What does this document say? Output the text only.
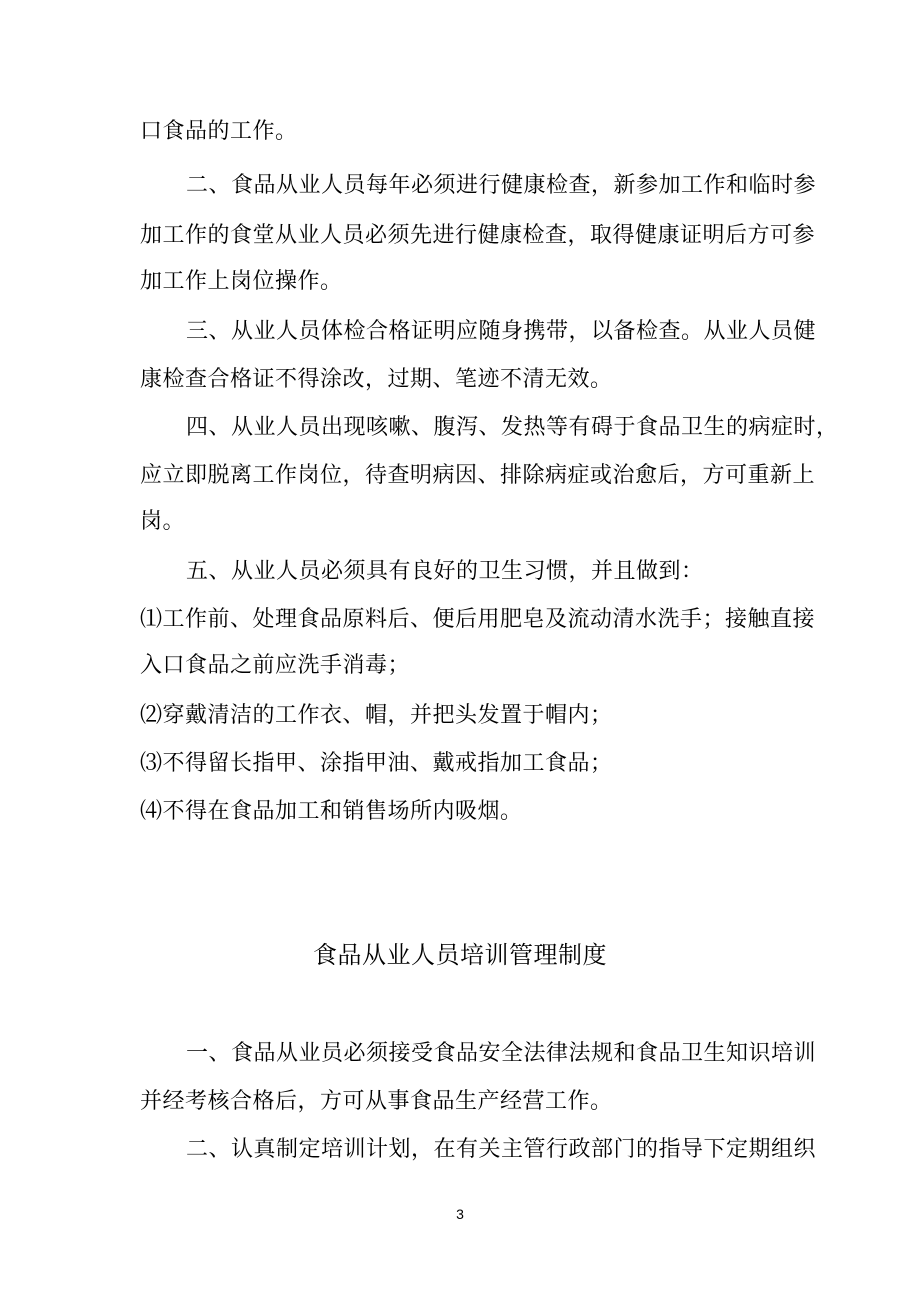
口食品的工作。
二、食品从业人员每年必须进行健康检查，新参加工作和临时参
加工作的食堂从业人员必须先进行健康检查，取得健康证明后方可参
加工作上岗位操作。
三、从业人员体检合格证明应随身携带，以备检查。从业人员健
康检查合格证不得涂改，过期、笔迹不清无效。
四、从业人员出现咳嗽、腹泻、发热等有碍于食品卫生的病症时，
应立即脱离工作岗位，待查明病因、排除病症或治愈后，方可重新上
岗。
五、从业人员必须具有良好的卫生习惯，并且做到：
⑴工作前、处理食品原料后、便后用肥皂及流动清水洗手；接触直接
入口食品之前应洗手消毒；
⑵穿戴清洁的工作衣、帽，并把头发置于帽内；
⑶不得留长指甲、涂指甲油、戴戒指加工食品；
⑷不得在食品加工和销售场所内吸烟。
食品从业人员培训管理制度
一、食品从业员必须接受食品安全法律法规和食品卫生知识培训
并经考核合格后，方可从事食品生产经营工作。
二、认真制定培训计划，在有关主管行政部门的指导下定期组织
3
